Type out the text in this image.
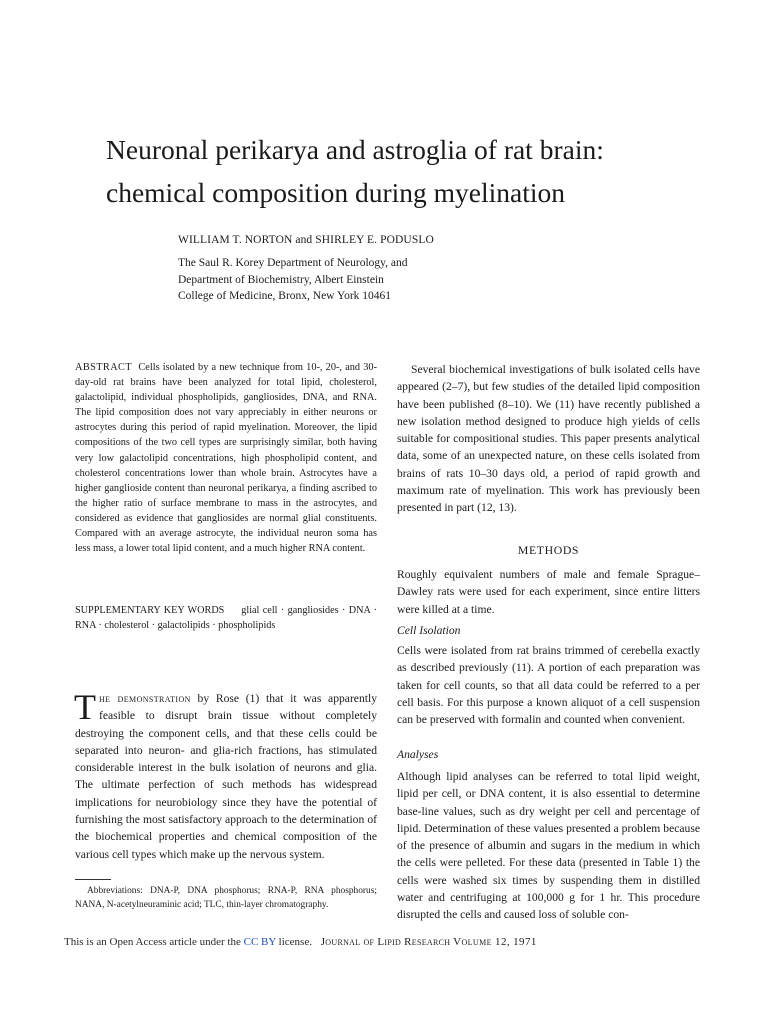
Neuronal perikarya and astroglia of rat brain:
chemical composition during myelination
WILLIAM T. NORTON and SHIRLEY E. PODUSLO
The Saul R. Korey Department of Neurology, and
Department of Biochemistry, Albert Einstein
College of Medicine, Bronx, New York 10461

ABSTRACT Cells isolated by a new technique from 10-, 20-, and 30-day-old rat brains have been analyzed for total lipid, cholesterol, galactolipid, individual phospholipids, gangliosides, DNA, and RNA. The lipid composition does not vary appreciably in either neurons or astrocytes during this period of rapid myelination. Moreover, the lipid compositions of the two cell types are surprisingly similar, both having very low galactolipid concentrations, high phospholipid content, and cholesterol concentrations lower than whole brain. Astrocytes have a higher ganglioside content than neuronal perikarya, a finding ascribed to the higher ratio of surface membrane to mass in the astrocytes, and considered as evidence that gangliosides are normal glial constituents. Compared with an average astrocyte, the individual neuron soma has less mass, a lower total lipid content, and a much higher RNA content.

SUPPLEMENTARY KEY WORDS glial cell · gangliosides · DNA · RNA · cholesterol · galactolipids · phospholipids

The demonstration by Rose (1) that it was apparently feasible to disrupt brain tissue without completely destroying the component cells, and that these cells could be separated into neuron- and glia-rich fractions, has stimulated considerable interest in the bulk isolation of neurons and glia. The ultimate perfection of such methods has widespread implications for neurobiology since they have the potential of furnishing the most satisfactory approach to the determination of the biochemical properties and chemical composition of the various cell types which make up the nervous system.

Abbreviations: DNA-P, DNA phosphorus; RNA-P, RNA phosphorus; NANA, N-acetylneuraminic acid; TLC, thin-layer chromatography.

This is an Open Access article under the CC BY license. Journal of Lipid Research Volume 12, 1971

Several biochemical investigations of bulk isolated cells have appeared (2–7), but few studies of the detailed lipid composition have been published (8–10). We (11) have recently published a new isolation method designed to produce high yields of cells suitable for compositional studies. This paper presents analytical data, some of an unexpected nature, on these cells isolated from brains of rats 10–30 days old, a period of rapid growth and maximum rate of myelination. This work has previously been presented in part (12, 13).

METHODS

Roughly equivalent numbers of male and female Sprague–Dawley rats were used for each experiment, since entire litters were killed at a time.

Cell Isolation

Cells were isolated from rat brains trimmed of cerebella exactly as described previously (11). A portion of each preparation was taken for cell counts, so that all data could be referred to a per cell basis. For this purpose a known aliquot of a cell suspension can be preserved with formalin and counted when convenient.

Analyses

Although lipid analyses can be referred to total lipid weight, lipid per cell, or DNA content, it is also essential to determine base-line values, such as dry weight per cell and percentage of lipid. Determination of these values presented a problem because of the presence of albumin and sugars in the medium in which the cells were pelleted. For these data (presented in Table 1) the cells were washed six times by suspending them in distilled water and centrifuging at 100,000 g for 1 hr. This procedure disrupted the cells and caused loss of soluble con-
